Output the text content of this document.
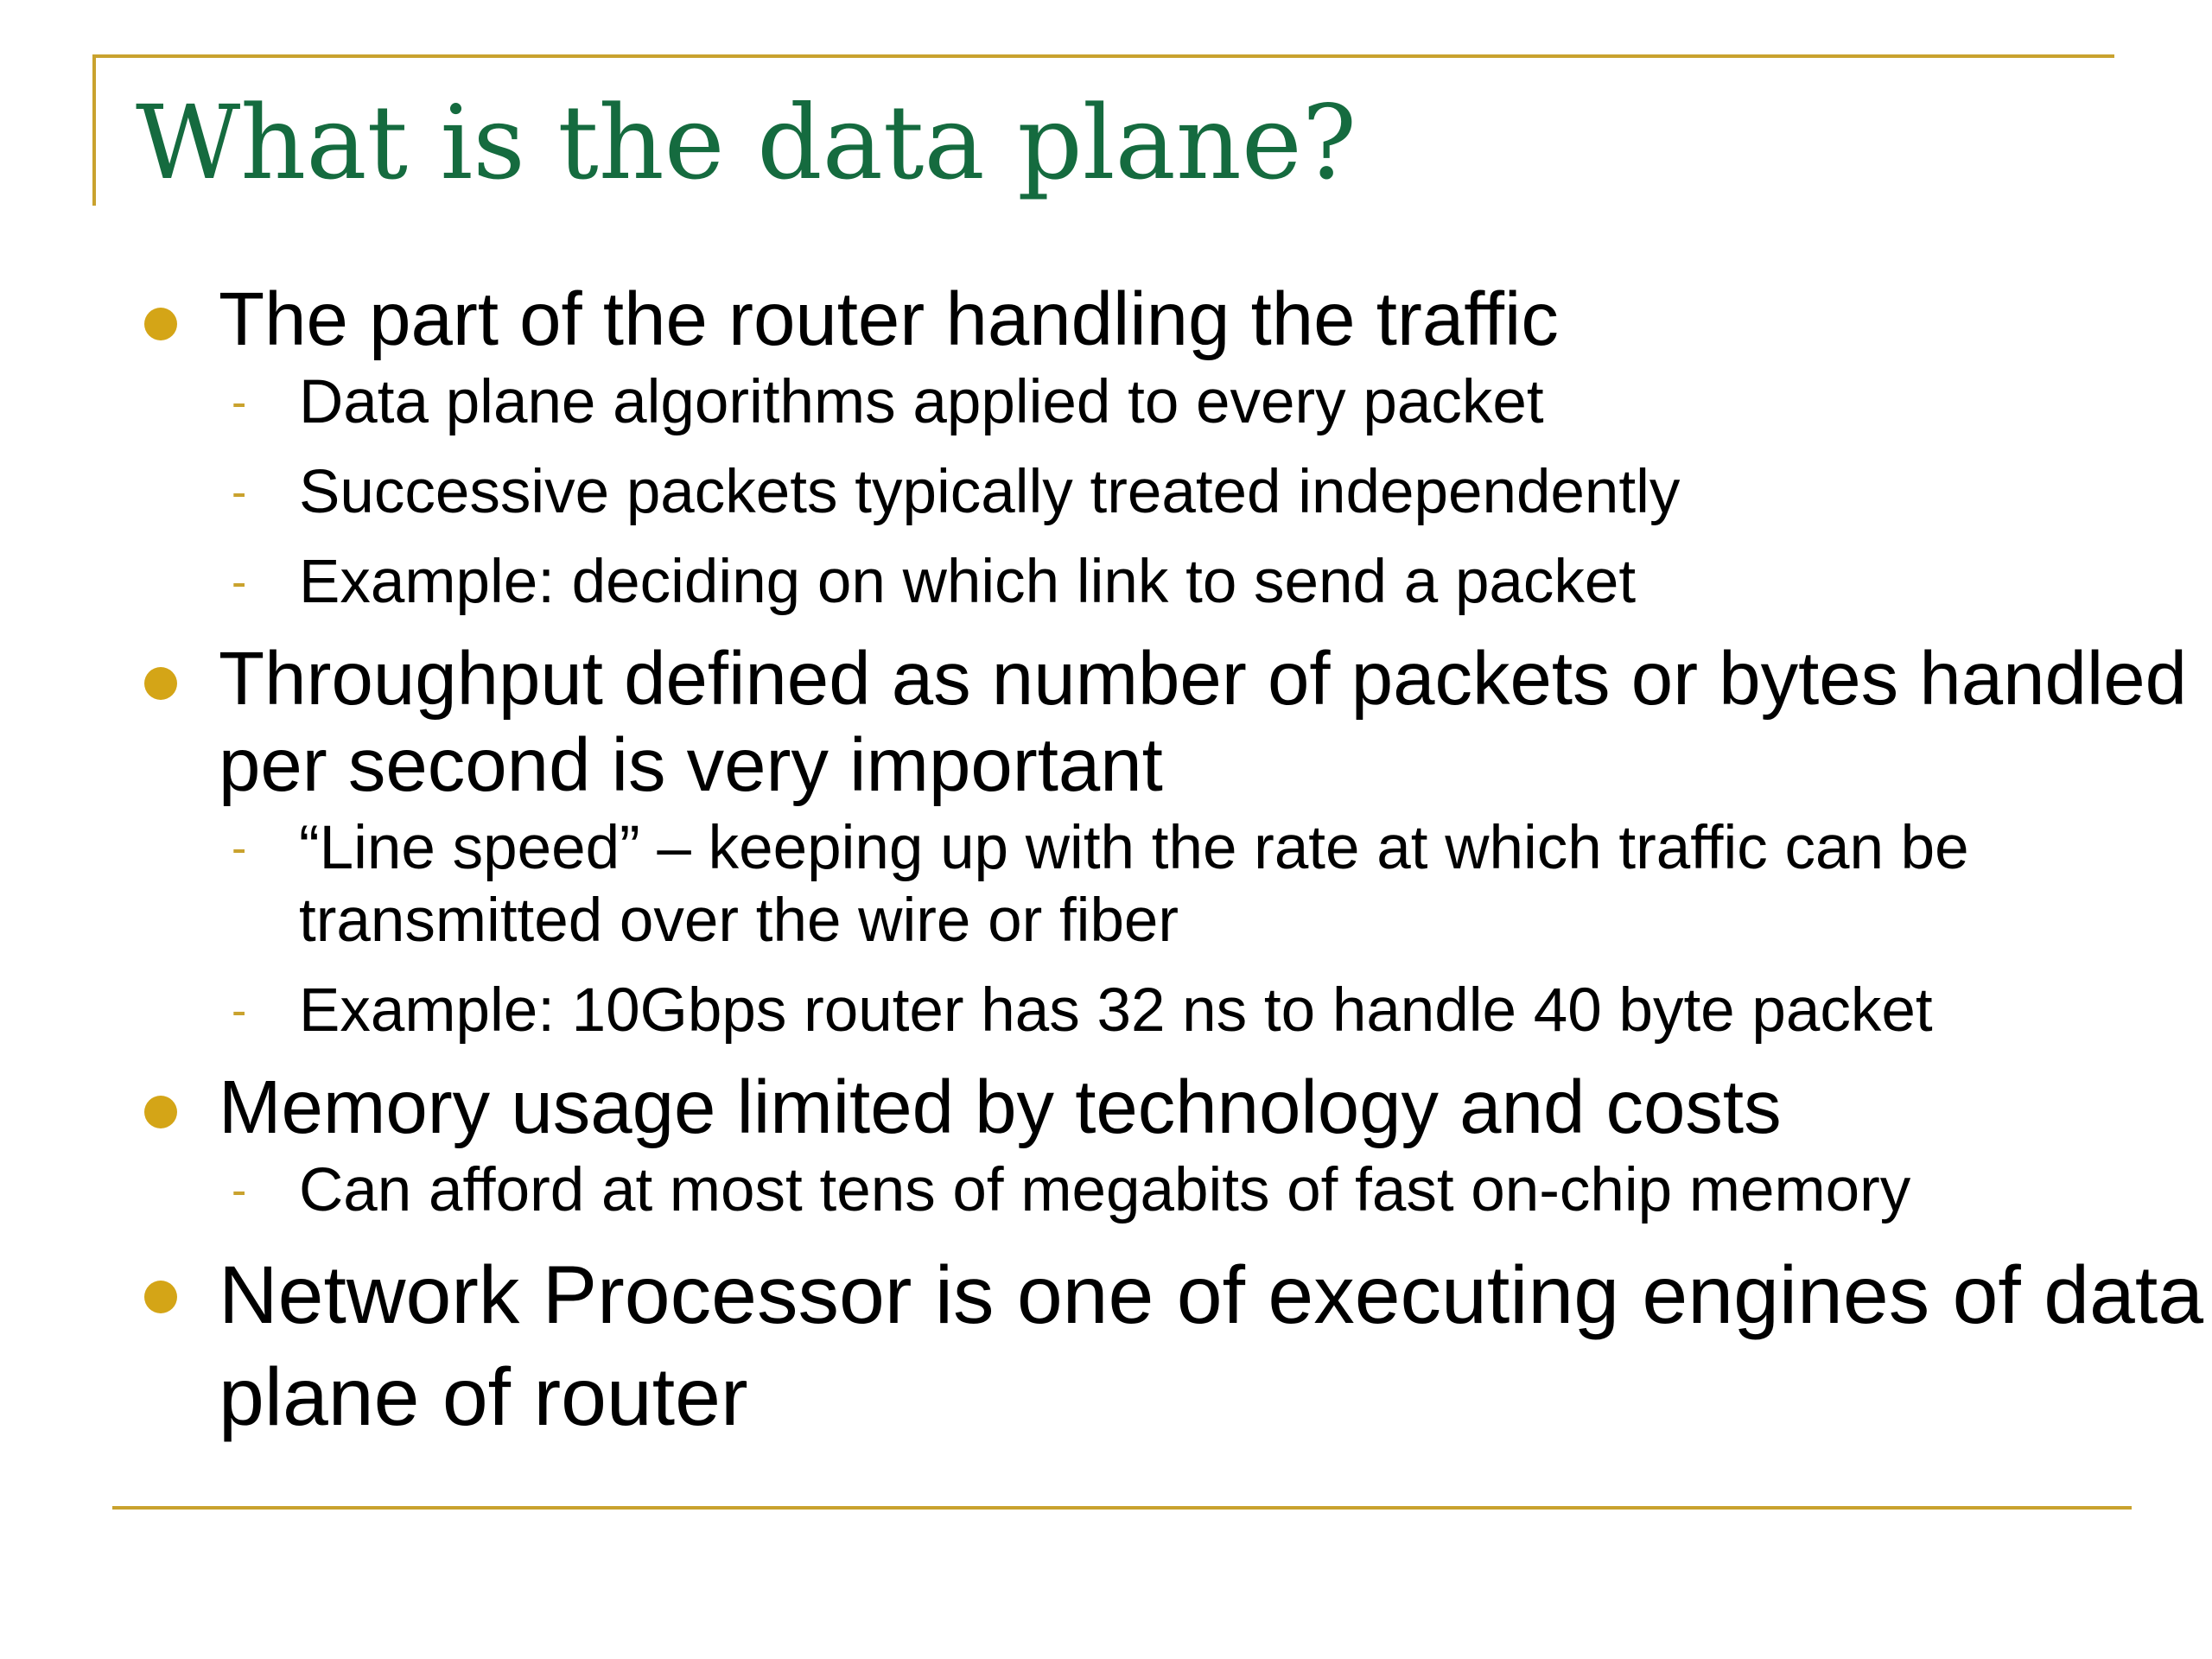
What is the data plane?
The part of the router handling the traffic
- Data plane algorithms applied to every packet
- Successive packets typically treated independently
- Example: deciding on which link to send a packet
Throughput defined as number of packets or bytes handled per second is very important
- “Line speed” – keeping up with the rate at which traffic can be transmitted over the wire or fiber
- Example: 10Gbps router has 32 ns to handle 40 byte packet
Memory usage limited by technology and costs
- Can afford at most tens of megabits of fast on-chip memory
Network Processor is one of executing engines of data plane of router
